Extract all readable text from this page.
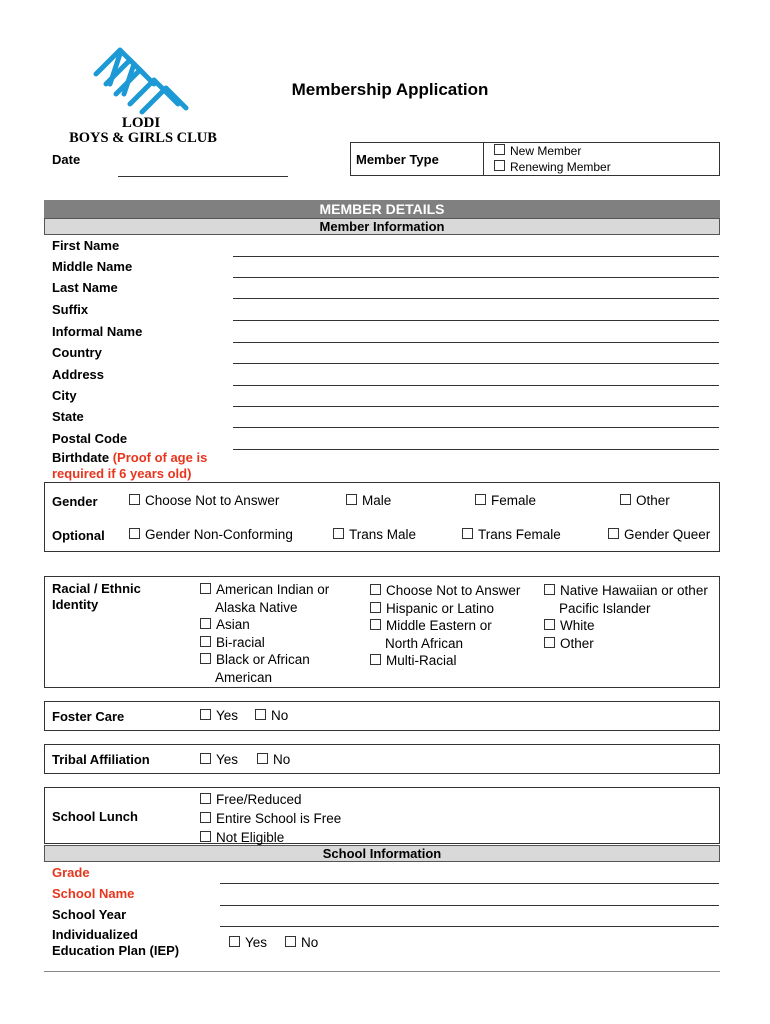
LODI
BOYS & GIRLS CLUB
Membership Application
Date	Member Type
New Member
Renewing Member
MEMBER DETAILS
Member Information
First Name
Middle Name
Last Name
Suffix
Informal Name
Country
Address
City
State
Postal Code
Birthdate (Proof of age is
required if 6 years old)
Gender	Choose Not to Answer	Male	Female	Other
Optional	Gender Non-Conforming	Trans Male	Trans Female	Gender Queer
Racial / Ethnic
Identity
American Indian or
Alaska Native
Asian
Bi-racial
Black or African
American
Choose Not to Answer
Hispanic or Latino
Middle Eastern or
North African
Multi-Racial
Native Hawaiian or other
Pacific Islander
White
Other
Foster Care	Yes	No
Tribal Affiliation	Yes	No
School Lunch
Free/Reduced
Entire School is Free
Not Eligible
School Information
Grade
School Name
School Year
Individualized
Education Plan (IEP)
Yes	No
